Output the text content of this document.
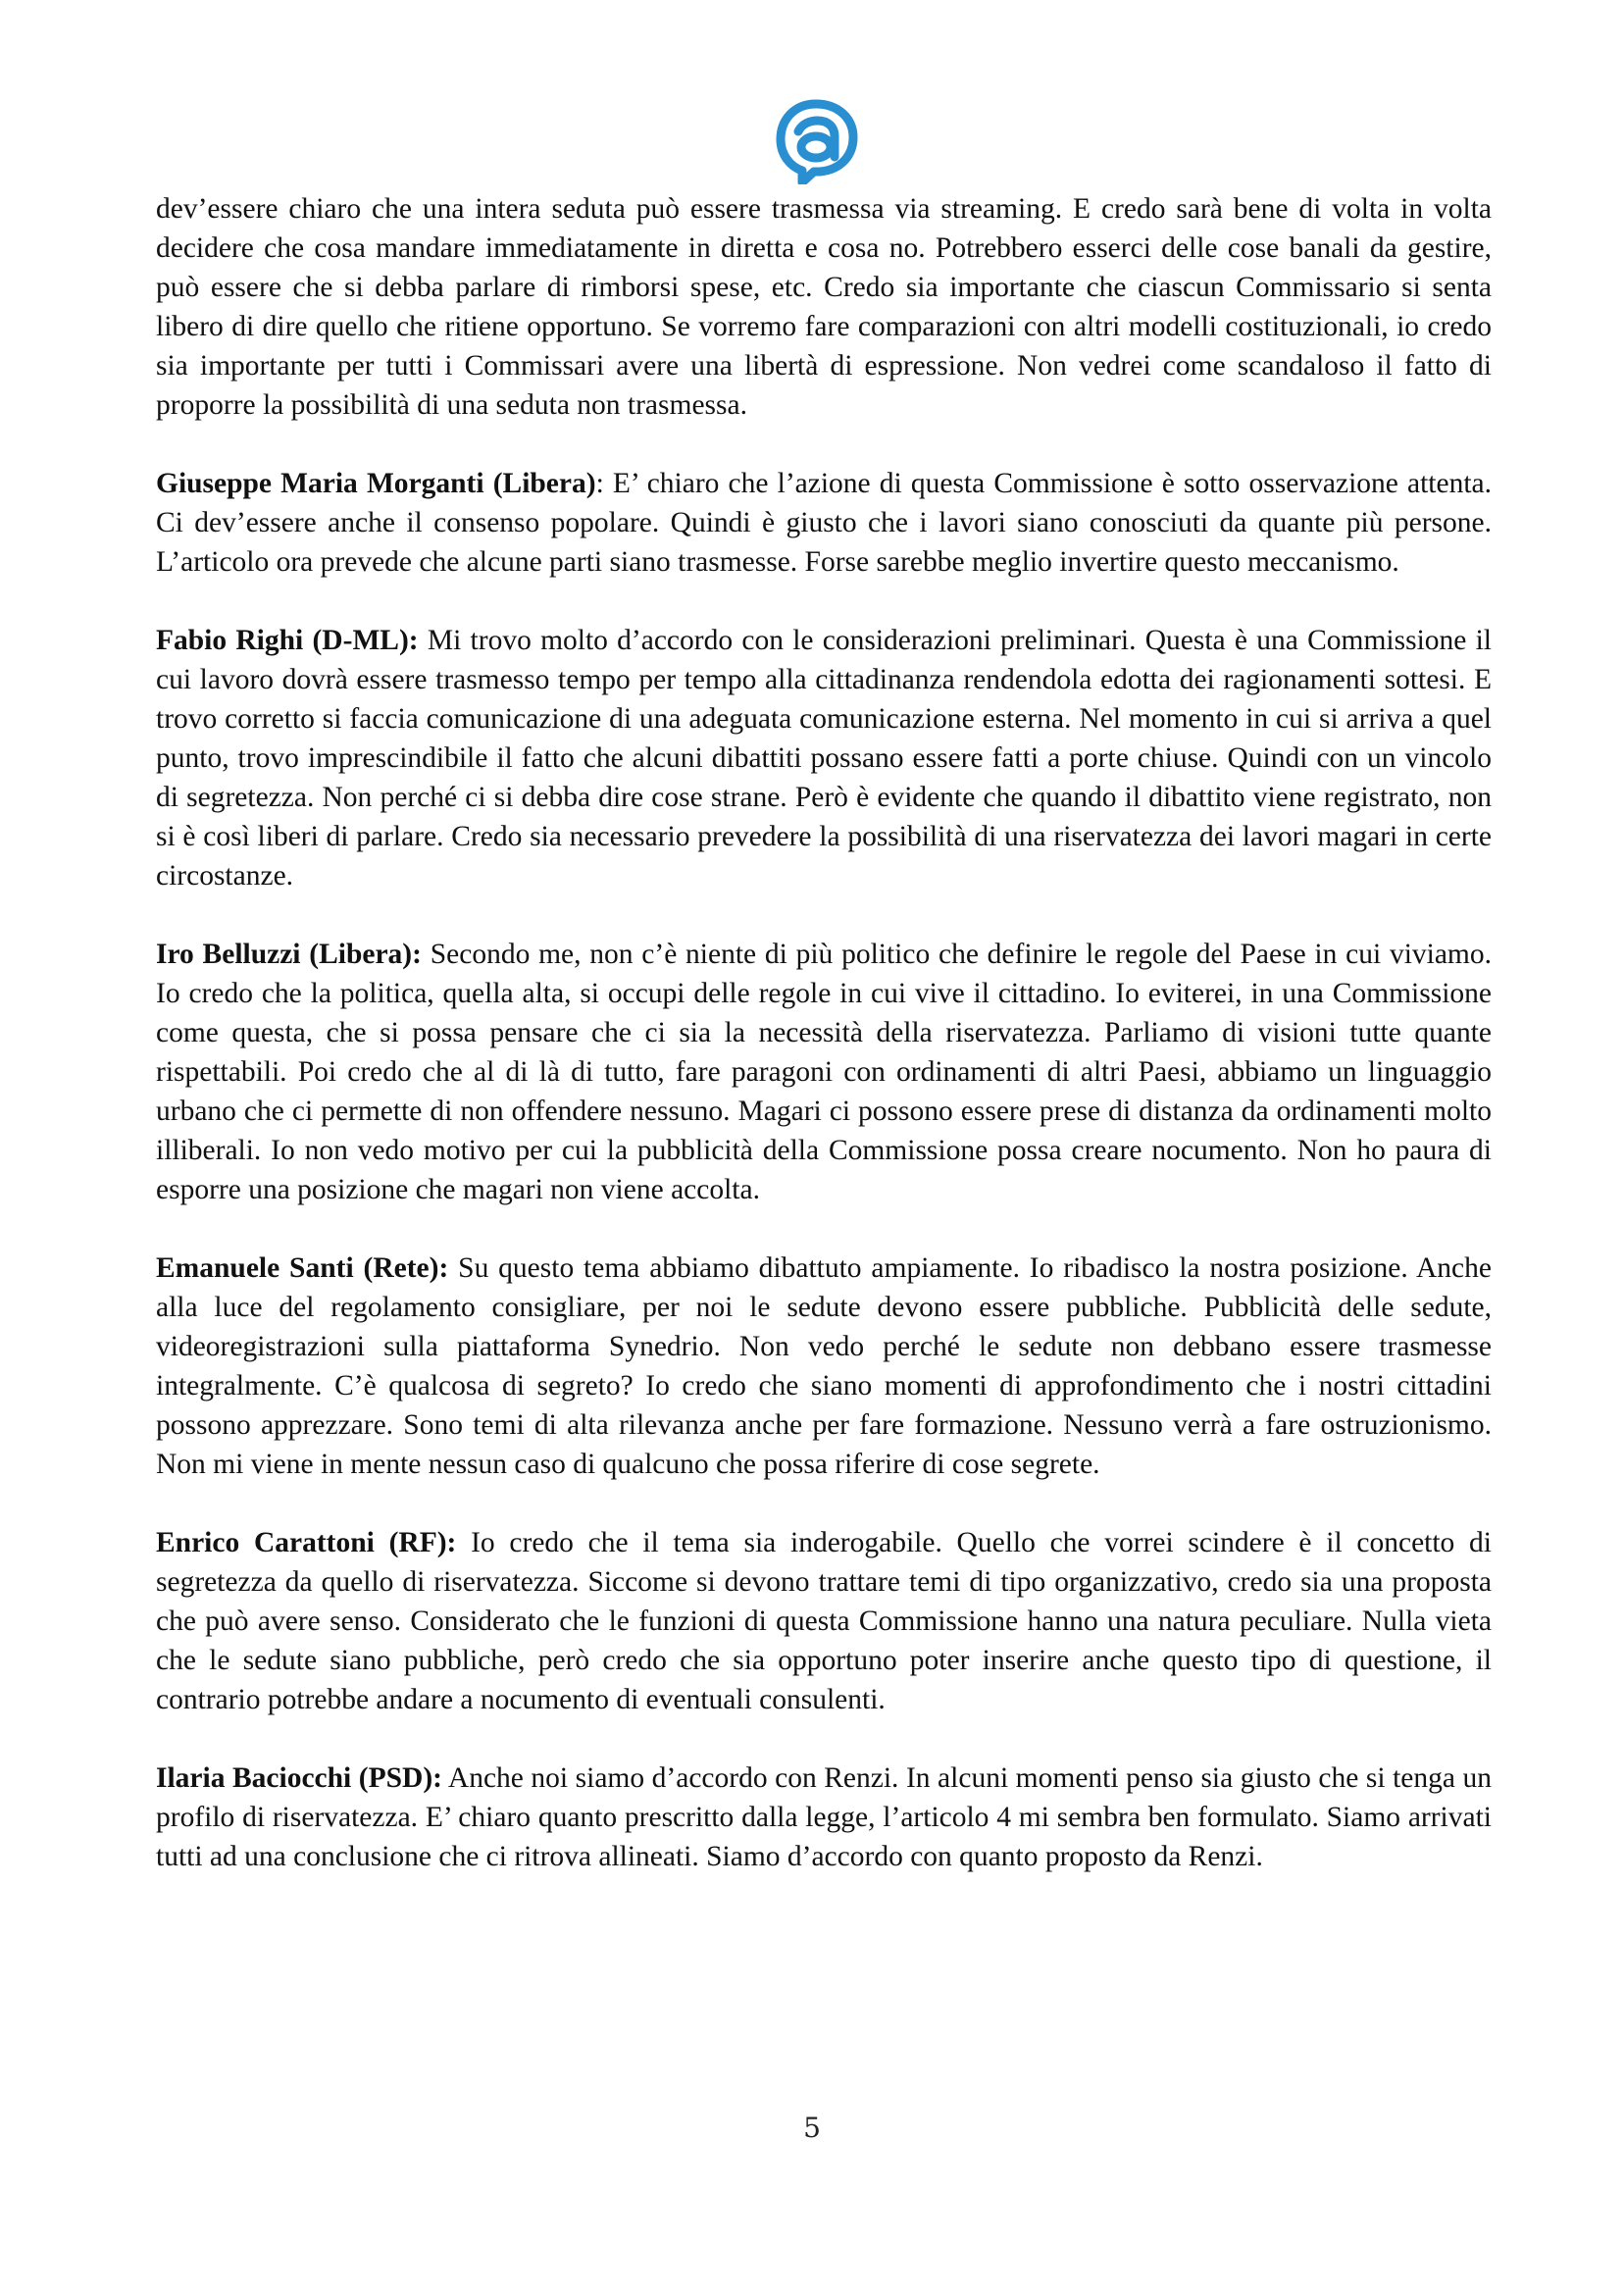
dev’essere chiaro che una intera seduta può essere trasmessa via streaming. E credo sarà bene di volta in volta decidere che cosa mandare immediatamente in diretta e cosa no. Potrebbero esserci delle cose banali da gestire, può essere che si debba parlare di rimborsi spese, etc. Credo sia importante che ciascun Commissario si senta libero di dire quello che ritiene opportuno. Se vorremo fare comparazioni con altri modelli costituzionali, io credo sia importante per tutti i Commissari avere una libertà di espressione. Non vedrei come scandaloso il fatto di proporre la possibilità di una seduta non trasmessa.

Giuseppe Maria Morganti (Libera): E’ chiaro che l’azione di questa Commissione è sotto osservazione attenta. Ci dev’essere anche il consenso popolare. Quindi è giusto che i lavori siano conosciuti da quante più persone. L’articolo ora prevede che alcune parti siano trasmesse. Forse sarebbe meglio invertire questo meccanismo.

Fabio Righi (D-ML): Mi trovo molto d’accordo con le considerazioni preliminari. Questa è una Commissione il cui lavoro dovrà essere trasmesso tempo per tempo alla cittadinanza rendendola edotta dei ragionamenti sottesi. E trovo corretto si faccia comunicazione di una adeguata comunicazione esterna. Nel momento in cui si arriva a quel punto, trovo imprescindibile il fatto che alcuni dibattiti possano essere fatti a porte chiuse. Quindi con un vincolo di segretezza. Non perché ci si debba dire cose strane. Però è evidente che quando il dibattito viene registrato, non si è così liberi di parlare. Credo sia necessario prevedere la possibilità di una riservatezza dei lavori magari in certe circostanze.

Iro Belluzzi (Libera): Secondo me, non c’è niente di più politico che definire le regole del Paese in cui viviamo. Io credo che la politica, quella alta, si occupi delle regole in cui vive il cittadino. Io eviterei, in una Commissione come questa, che si possa pensare che ci sia la necessità della riservatezza. Parliamo di visioni tutte quante rispettabili. Poi credo che al di là di tutto, fare paragoni con ordinamenti di altri Paesi, abbiamo un linguaggio urbano che ci permette di non offendere nessuno. Magari ci possono essere prese di distanza da ordinamenti molto illiberali. Io non vedo motivo per cui la pubblicità della Commissione possa creare nocumento. Non ho paura di esporre una posizione che magari non viene accolta.

Emanuele Santi (Rete): Su questo tema abbiamo dibattuto ampiamente. Io ribadisco la nostra posizione. Anche alla luce del regolamento consigliare, per noi le sedute devono essere pubbliche. Pubblicità delle sedute, videoregistrazioni sulla piattaforma Synedrio. Non vedo perché le sedute non debbano essere trasmesse integralmente. C’è qualcosa di segreto? Io credo che siano momenti di approfondimento che i nostri cittadini possono apprezzare. Sono temi di alta rilevanza anche per fare formazione. Nessuno verrà a fare ostruzionismo. Non mi viene in mente nessun caso di qualcuno che possa riferire di cose segrete.

Enrico Carattoni (RF): Io credo che il tema sia inderogabile. Quello che vorrei scindere è il concetto di segretezza da quello di riservatezza. Siccome si devono trattare temi di tipo organizzativo, credo sia una proposta che può avere senso. Considerato che le funzioni di questa Commissione hanno una natura peculiare. Nulla vieta che le sedute siano pubbliche, però credo che sia opportuno poter inserire anche questo tipo di questione, il contrario potrebbe andare a nocumento di eventuali consulenti.

Ilaria Baciocchi (PSD): Anche noi siamo d’accordo con Renzi. In alcuni momenti penso sia giusto che si tenga un profilo di riservatezza. E’ chiaro quanto prescritto dalla legge, l’articolo 4 mi sembra ben formulato. Siamo arrivati tutti ad una conclusione che ci ritrova allineati. Siamo d’accordo con quanto proposto da Renzi.

5
